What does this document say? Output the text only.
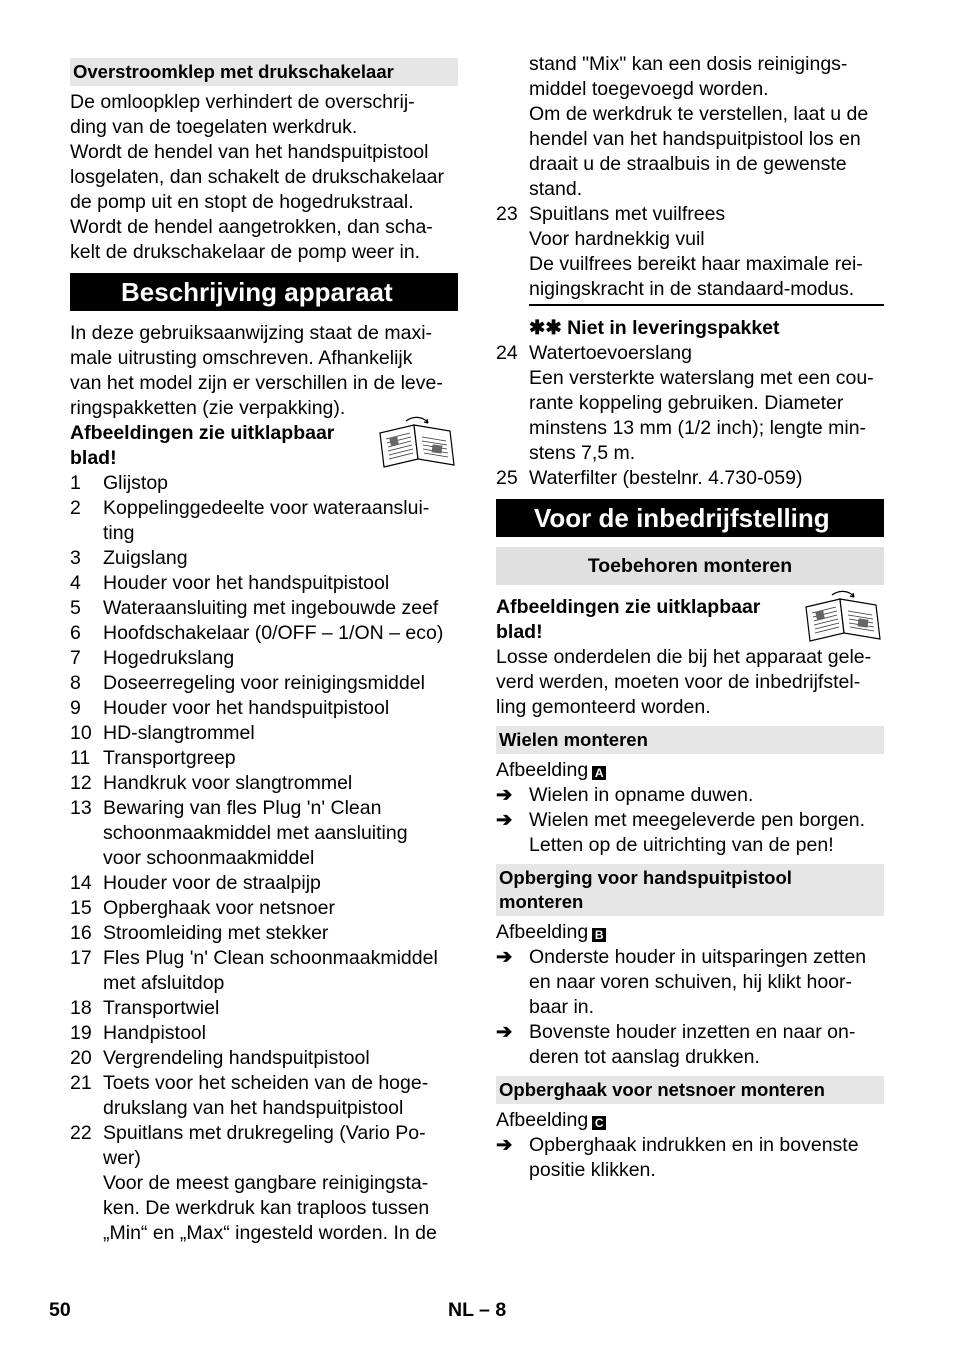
Overstroomklep met drukschakelaar

De omloopklep verhindert de overschrij-

ding van de toegelaten werkdruk.

Wordt de hendel van het handspuitpistool

losgelaten, dan schakelt de drukschakelaar

de pomp uit en stopt de hogedrukstraal.

Wordt de hendel aangetrokken, dan scha-

kelt de drukschakelaar de pomp weer in.

Beschrijving apparaat

In deze gebruiksaanwijzing staat de maxi-

male uitrusting omschreven. Afhankelijk

van het model zijn er verschillen in de leve-

ringspakketten (zie verpakking).

Afbeeldingen zie uitklapbaar

blad!

1	Glijstop

2	Koppelinggedeelte voor wateraanslui-

ting

3	Zuigslang

4	Houder voor het handspuitpistool

5	Wateraansluiting met ingebouwde zeef

6	Hoofdschakelaar (0/OFF – 1/ON – eco)

7	Hogedrukslang

8	Doseerregeling voor reinigingsmiddel

9	Houder voor het handspuitpistool

10 HD-slangtrommel

11 Transportgreep

12 Handkruk voor slangtrommel

13 Bewaring van fles Plug 'n' Clean

schoonmaakmiddel met aansluiting

voor schoonmaakmiddel

14 Houder voor de straalpijp

15 Opberghaak voor netsnoer

16 Stroomleiding met stekker

17 Fles Plug 'n' Clean schoonmaakmiddel

met afsluitdop

18 Transportwiel

19 Handpistool

20 Vergrendeling handspuitpistool

21 Toets voor het scheiden van de hoge-

drukslang van het handspuitpistool

22 Spuitlans met drukregeling (Vario Po-

wer)

Voor de meest gangbare reinigingsta-

ken. De werkdruk kan traploos tussen

„Min“ en „Max“ ingesteld worden. In de

stand "Mix" kan een dosis reinigings-

middel toegevoegd worden.

Om de werkdruk te verstellen, laat u de

hendel van het handspuitpistool los en

draait u de straalbuis in de gewenste

stand.

23 Spuitlans met vuilfrees

Voor hardnekkig vuil

De vuilfrees bereikt haar maximale rei-

nigingskracht in de standaard-modus.

✱✱ Niet in leveringspakket
24 Watertoevoerslang

Een versterkte waterslang met een cou-

rante koppeling gebruiken. Diameter

minstens 13 mm (1/2 inch); lengte min-

stens 7,5 m.

25 Waterfilter (bestelnr. 4.730-059)

Voor de inbedrijfstelling
Toebehoren monteren

Afbeeldingen zie uitklapbaar

blad!

Losse onderdelen die bij het apparaat gele-

verd werden, moeten voor de inbedrijfstel-

ling gemonteerd worden.

Wielen monteren

Afbeelding A

➔ Wielen in opname duwen.

➔ Wielen met meegeleverde pen borgen.

Letten op de uitrichting van de pen!

Opberging voor handspuitpistool
monteren

Afbeelding B

➔ Onderste houder in uitsparingen zetten

en naar voren schuiven, hij klikt hoor-

baar in.

➔ Bovenste houder inzetten en naar on-

deren tot aanslag drukken.

Opberghaak voor netsnoer monteren

Afbeelding C

➔ Opberghaak indrukken en in bovenste

positie klikken.

50	NL – 8
